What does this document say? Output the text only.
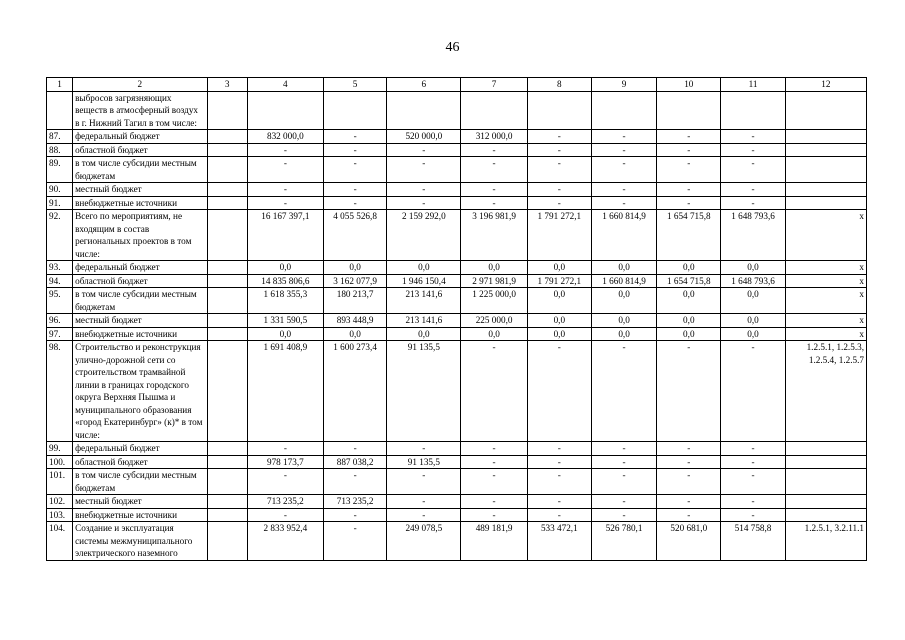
46
1	2	3	4	5	6	7	8	9	10	11	12
	выбросов загрязняющих веществ в атмосферный воздух в г. Нижний Тагил в том числе:										
87.	федеральный бюджет		832 000,0	-	520 000,0	312 000,0	-	-	-	-	
88.	областной бюджет		-	-	-	-	-	-	-	-	
89.	в том числе субсидии местным бюджетам		-	-	-	-	-	-	-	-	
90.	местный бюджет		-	-	-	-	-	-	-	-	
91.	внебюджетные источники		-	-	-	-	-	-	-	-	
92.	Всего по мероприятиям, не входящим в состав региональных проектов в том числе:		16 167 397,1	4 055 526,8	2 159 292,0	3 196 981,9	1 791 272,1	1 660 814,9	1 654 715,8	1 648 793,6	x
93.	федеральный бюджет		0,0	0,0	0,0	0,0	0,0	0,0	0,0	0,0	x
94.	областной бюджет		14 835 806,6	3 162 077,9	1 946 150,4	2 971 981,9	1 791 272,1	1 660 814,9	1 654 715,8	1 648 793,6	x
95.	в том числе субсидии местным бюджетам		1 618 355,3	180 213,7	213 141,6	1 225 000,0	0,0	0,0	0,0	0,0	x
96.	местный бюджет		1 331 590,5	893 448,9	213 141,6	225 000,0	0,0	0,0	0,0	0,0	x
97.	внебюджетные источники		0,0	0,0	0,0	0,0	0,0	0,0	0,0	0,0	x
98.	Строительство и реконструкция улично-дорожной сети со строительством трамвайной линии в границах городского округа Верхняя Пышма и муниципального образования «город Екатеринбург» (к)* в том числе:		1 691 408,9	1 600 273,4	91 135,5	-	-	-	-	-	1.2.5.1, 1.2.5.3, 1.2.5.4, 1.2.5.7
99.	федеральный бюджет		-	-	-	-	-	-	-	-	
100.	областной бюджет		978 173,7	887 038,2	91 135,5	-	-	-	-	-	
101.	в том числе субсидии местным бюджетам		-	-	-	-	-	-	-	-	
102.	местный бюджет		713 235,2	713 235,2	-	-	-	-	-	-	
103.	внебюджетные источники		-	-	-	-	-	-	-	-	
104.	Создание и эксплуатация системы межмуниципального электрического наземного		2 833 952,4	-	249 078,5	489 181,9	533 472,1	526 780,1	520 681,0	514 758,8	1.2.5.1, 3.2.11.1
